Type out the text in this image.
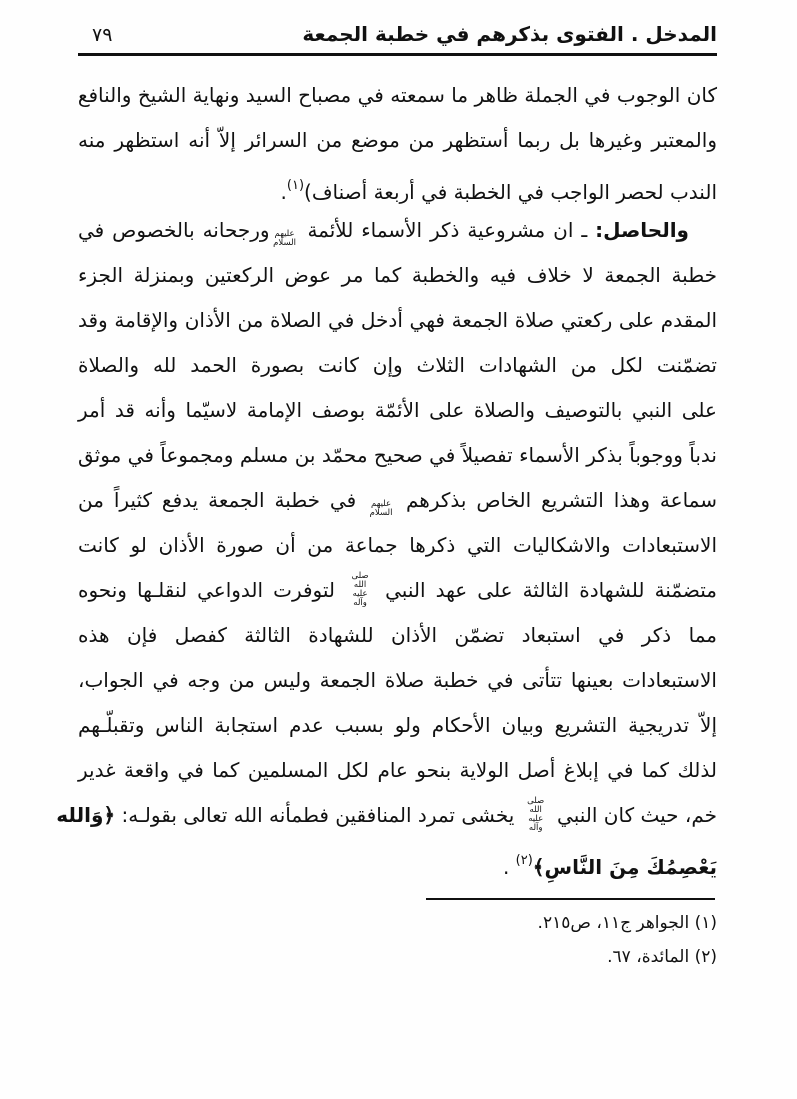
المدخل . الفتوى بذكرهم في خطبة الجمعة
٧٩
كان الوجوب في الجملة ظاهر ما سمعته في مصباح السيد ونهاية الشيخ والنافع
والمعتبر وغيرها بل ربما أستظهر من موضع من السرائر إلاّ أنه استظهر منه
الندب لحصر الواجب في الخطبة في أربعة أصناف)$^{(١)}$.
والحاصل: ـ ان مشروعية ذكر الأسماء للأئمة عليهم السلامورجحانه بالخصوص في
خطبة الجمعة لا خلاف فيه والخطبة كما مر عوض الركعتين وبمنزلة الجزء
المقدم على ركعتي صلاة الجمعة فهي أدخل في الصلاة من الأذان والإقامة وقد
تضمّنت لكل من الشهادات الثلاث وإن كانت بصورة الحمد لله والصلاة
على النبي بالتوصيف والصلاة على الأئمّة بوصف الإمامة لاسيّما وأنه قد أمر
ندباً ووجوباً بذكر الأسماء تفصيلاً في صحيح محمّد بن مسلم ومجموعاً في موثق
سماعة وهذا التشريع الخاص بذكرهم عليهم السلام في خطبة الجمعة يدفع كثيراً من
الاستبعادات والاشكاليات التي ذكرها جماعة من أن صورة الأذان لو كانت
متضمّنة للشهادة الثالثة على عهد النبي صلى الله عليه وآله لتوفرت الدواعي لنقلـها ونحوه
مما ذكر في استبعاد تضمّن الأذان للشهادة الثالثة كفصل فإن هذه
الاستبعادات بعينها تتأتى في خطبة صلاة الجمعة وليس من وجه في الجواب،
إلاّ تدريجية التشريع وبيان الأحكام ولو بسبب عدم استجابة الناس وتقبلّـهم
لذلك كما في إبلاغ أصل الولاية بنحو عام لكل المسلمين كما في واقعة غدير
خم، حيث كان النبي صلى الله عليه وآله يخشى تمرد المنافقين فطمأنه الله تعالى بقولـه: ﴿وَالله
يَعْصِمُكَ مِنَ النَّاسِ﴾$^{(٢)}$ .
(١) الجواهر ج١١، ص٢١٥.
(٢) المائدة، ٦٧.
